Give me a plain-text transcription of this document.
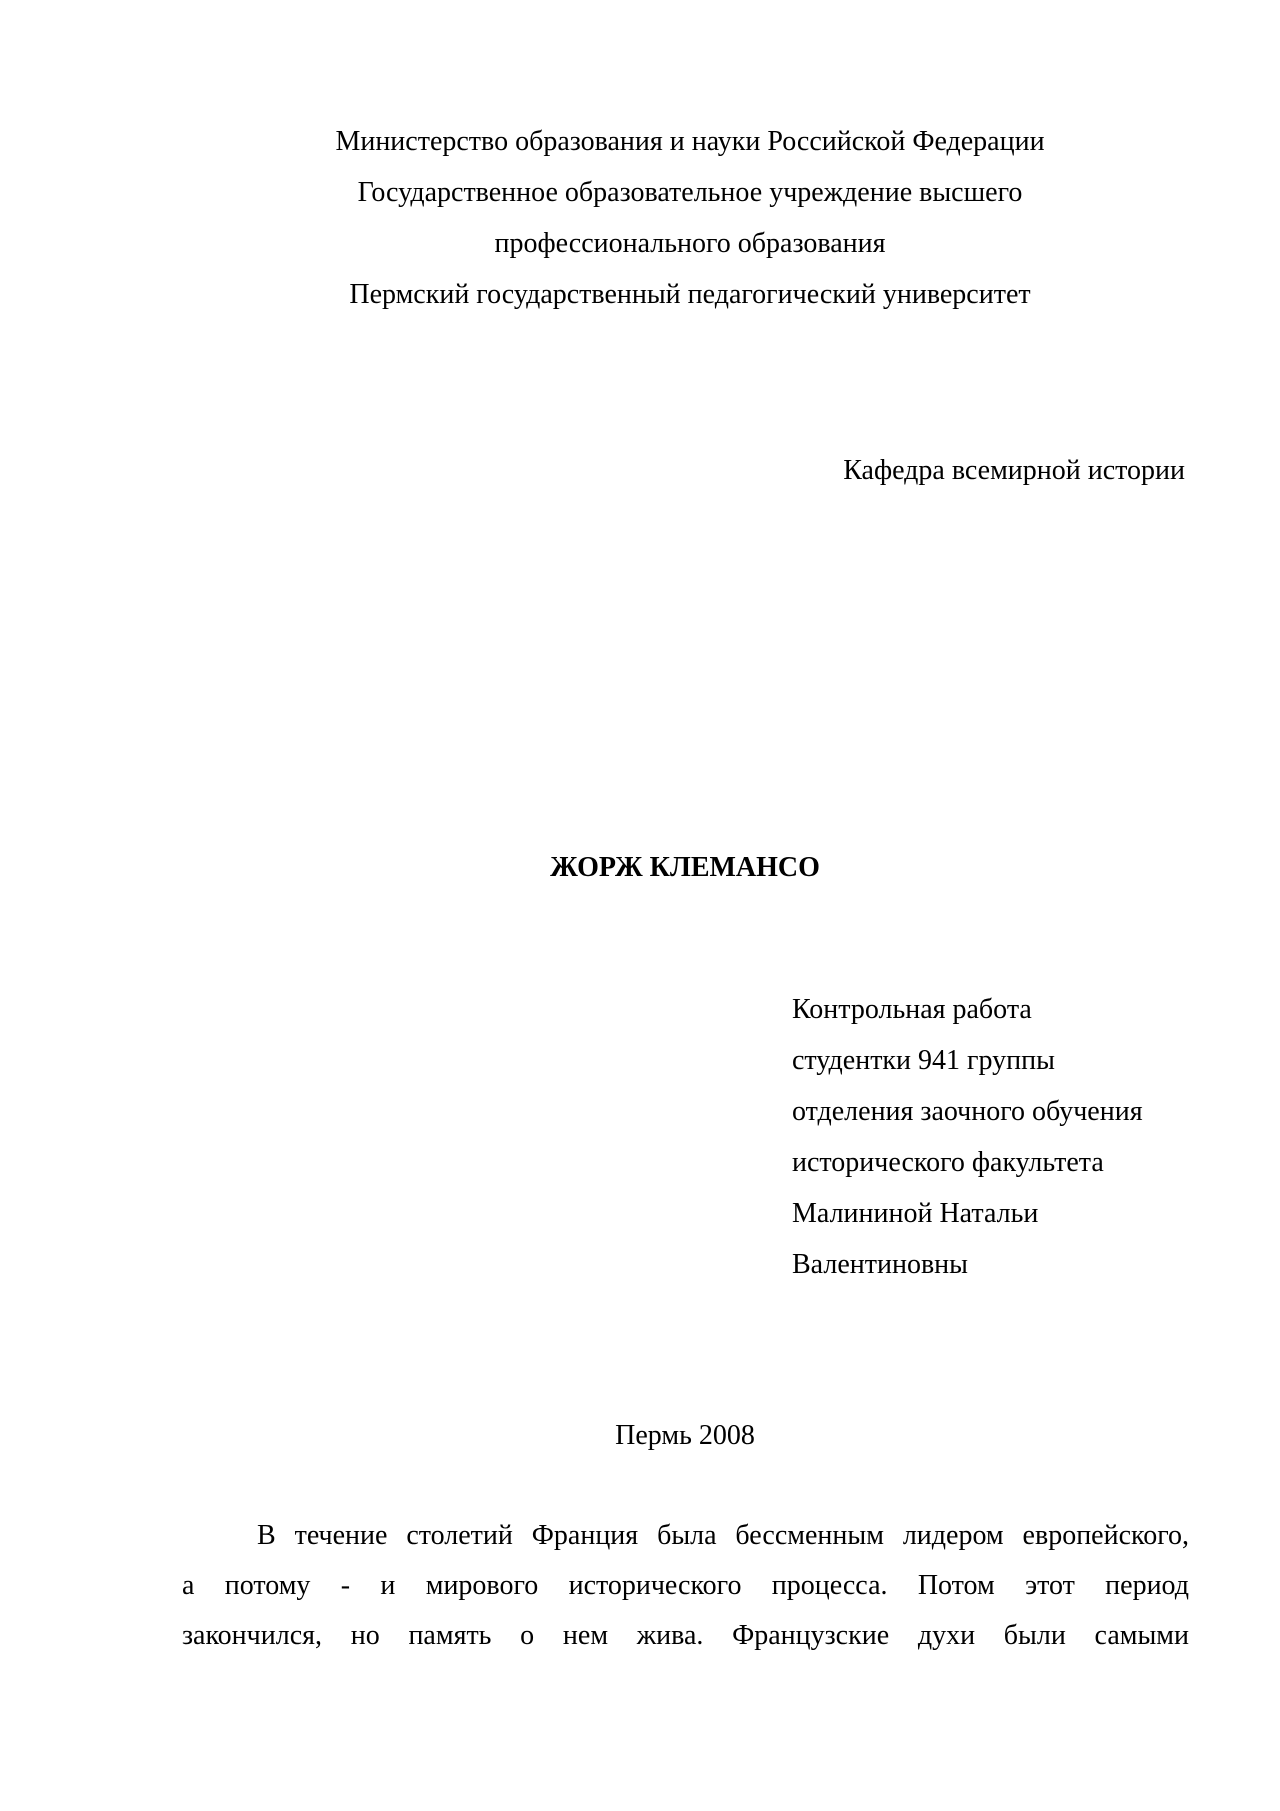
Министерство образования и науки Российской Федерации
Государственное образовательное учреждение высшего
профессионального образования
Пермский государственный педагогический университет
Кафедра всемирной истории
ЖОРЖ КЛЕМАНСО
Контрольная работа
студентки 941 группы
отделения заочного обучения
исторического факультета
Малининой Натальи
Валентиновны
Пермь 2008
В течение столетий Франция была бессменным лидером европейского,
а потому - и мирового исторического процесса. Потом этот период
закончился, но память о нем жива. Французские духи были самыми
